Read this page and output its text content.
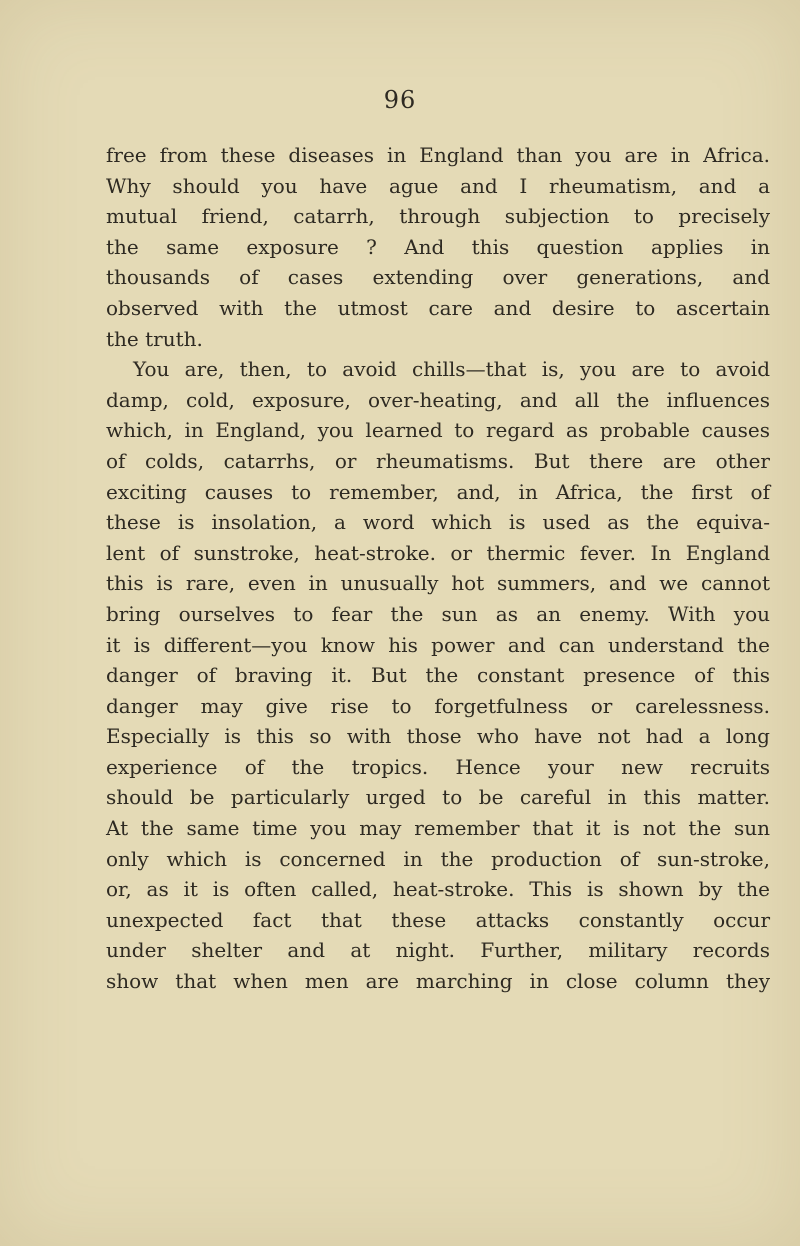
96
free from these diseases in England than you are in Africa.
Why should you have ague and I rheumatism, and a
mutual friend, catarrh, through subjection to precisely
the same exposure ? And this question applies in
thousands of cases extending over generations, and
observed with the utmost care and desire to ascertain
the truth.
You are, then, to avoid chills—that is, you are to avoid
damp, cold, exposure, over-heating, and all the influences
which, in England, you learned to regard as probable causes
of colds, catarrhs, or rheumatisms. But there are other
exciting causes to remember, and, in Africa, the first of
these is insolation, a word which is used as the equiva-
lent of sunstroke, heat-stroke. or thermic fever. In England
this is rare, even in unusually hot summers, and we cannot
bring ourselves to fear the sun as an enemy. With you
it is different—you know his power and can understand the
danger of braving it. But the constant presence of this
danger may give rise to forgetfulness or carelessness.
Especially is this so with those who have not had a long
experience of the tropics. Hence your new recruits
should be particularly urged to be careful in this matter.
At the same time you may remember that it is not the sun
only which is concerned in the production of sun-stroke,
or, as it is often called, heat-stroke. This is shown by the
unexpected fact that these attacks constantly occur
under shelter and at night. Further, military records
show that when men are marching in close column they
